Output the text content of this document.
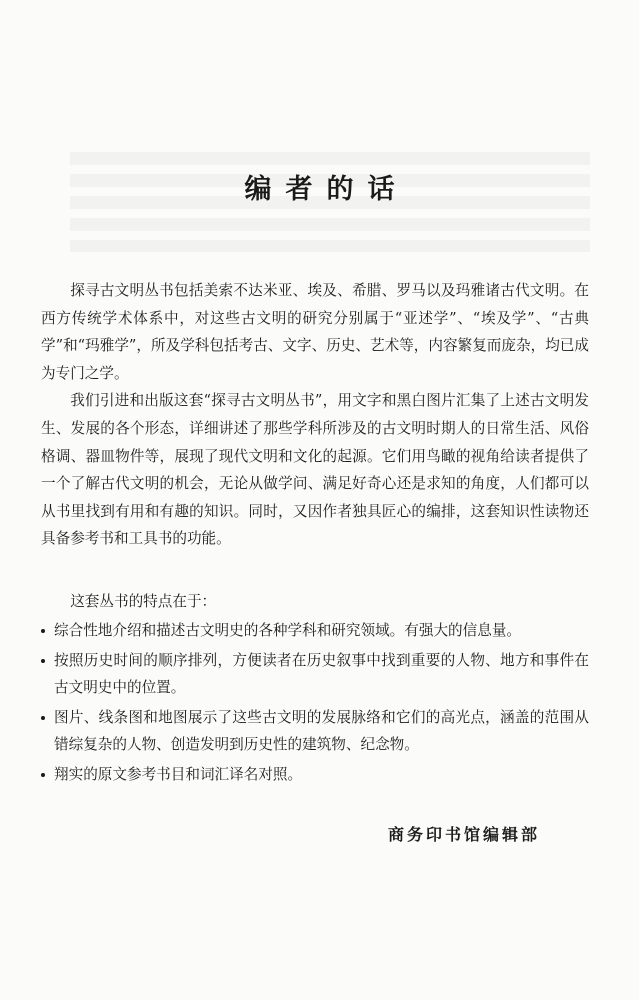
编者的话

探寻古文明丛书包括美索不达米亚、埃及、希腊、罗马以及玛雅诸古代文明。在西方传统学术体系中，对这些古文明的研究分别属于“亚述学”、“埃及学”、“古典学”和“玛雅学”，所及学科包括考古、文字、历史、艺术等，内容繁复而庞杂，均已成为专门之学。

我们引进和出版这套“探寻古文明丛书”，用文字和黑白图片汇集了上述古文明发生、发展的各个形态，详细讲述了那些学科所涉及的古文明时期人的日常生活、风俗格调、器皿物件等，展现了现代文明和文化的起源。它们用鸟瞰的视角给读者提供了一个了解古代文明的机会，无论从做学问、满足好奇心还是求知的角度，人们都可以从书里找到有用和有趣的知识。同时，又因作者独具匠心的编排，这套知识性读物还具备参考书和工具书的功能。

这套丛书的特点在于：

综合性地介绍和描述古文明史的各种学科和研究领域。有强大的信息量。
按照历史时间的顺序排列，方便读者在历史叙事中找到重要的人物、地方和事件在古文明史中的位置。
图片、线条图和地图展示了这些古文明的发展脉络和它们的高光点，涵盖的范围从错综复杂的人物、创造发明到历史性的建筑物、纪念物。
翔实的原文参考书目和词汇译名对照。

商务印书馆编辑部
